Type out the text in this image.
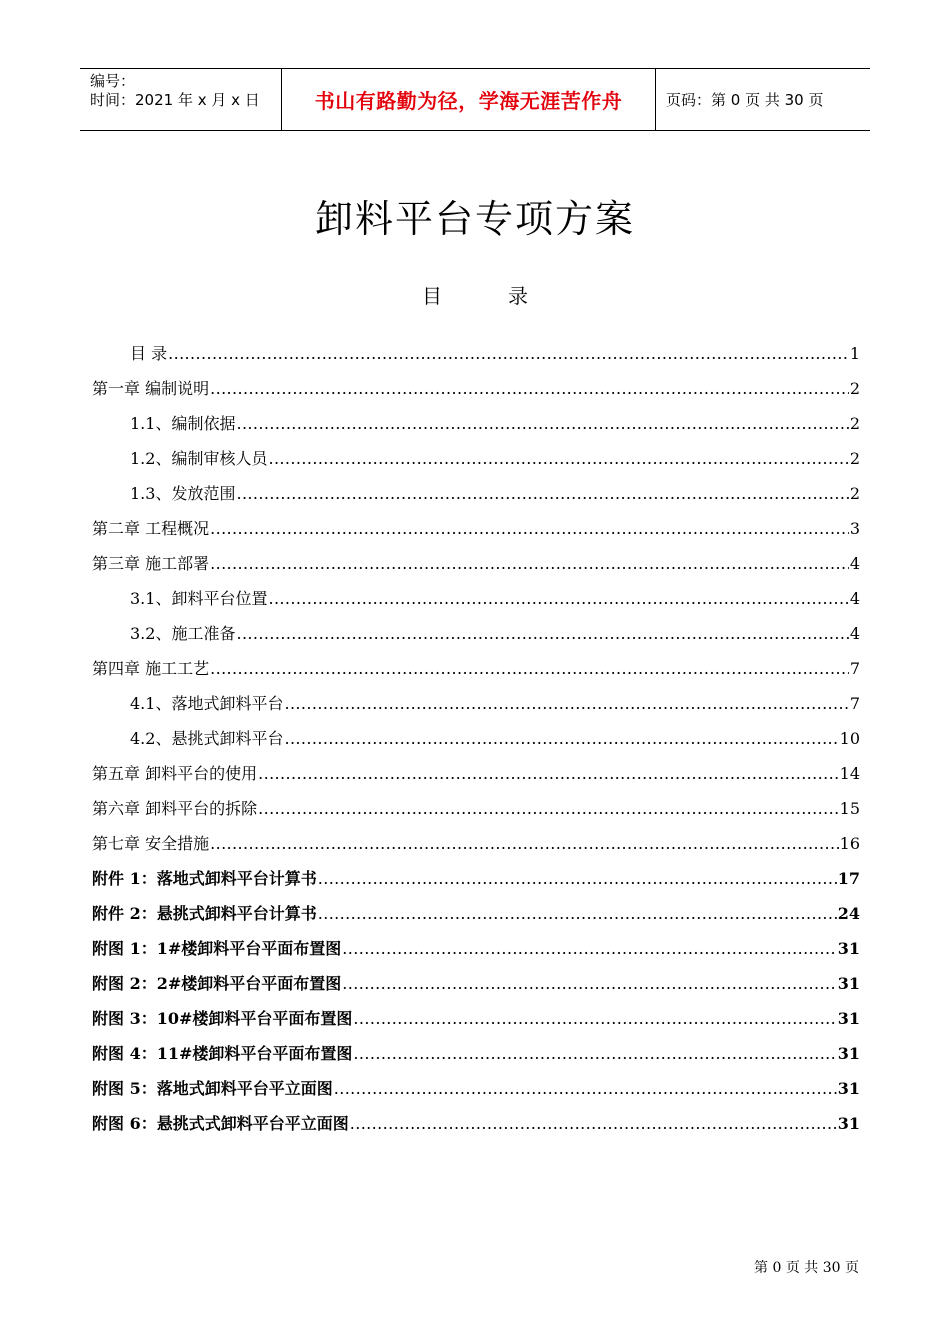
编号：
时间：2021 年 x 月 x 日	书山有路勤为径，学海无涯苦作舟	页码：第 0 页 共 30 页
卸料平台专项方案
目	录
目 录 .....	1
第一章 编制说明 .....	2
1.1、编制依据 .....	2
1.2、编制审核人员 .....	2
1.3、发放范围 .....	2
第二章 工程概况 .....	3
第三章 施工部署 .....	4
3.1、卸料平台位置 .....	4
3.2、施工准备 .....	4
第四章 施工工艺 .....	7
4.1、落地式卸料平台 .....	7
4.2、悬挑式卸料平台 .....	10
第五章 卸料平台的使用 .....	14
第六章 卸料平台的拆除 .....	15
第七章 安全措施 .....	16
附件 1：落地式卸料平台计算书 .....	17
附件 2：悬挑式卸料平台计算书 .....	24
附图 1：1#楼卸料平台平面布置图 .....	31
附图 2：2#楼卸料平台平面布置图 .....	31
附图 3：10#楼卸料平台平面布置图 .....	31
附图 4：11#楼卸料平台平面布置图 .....	31
附图 5：落地式卸料平台平立面图 .....	31
附图 6：悬挑式式卸料平台平立面图 .....	31
第 0 页 共 30 页
